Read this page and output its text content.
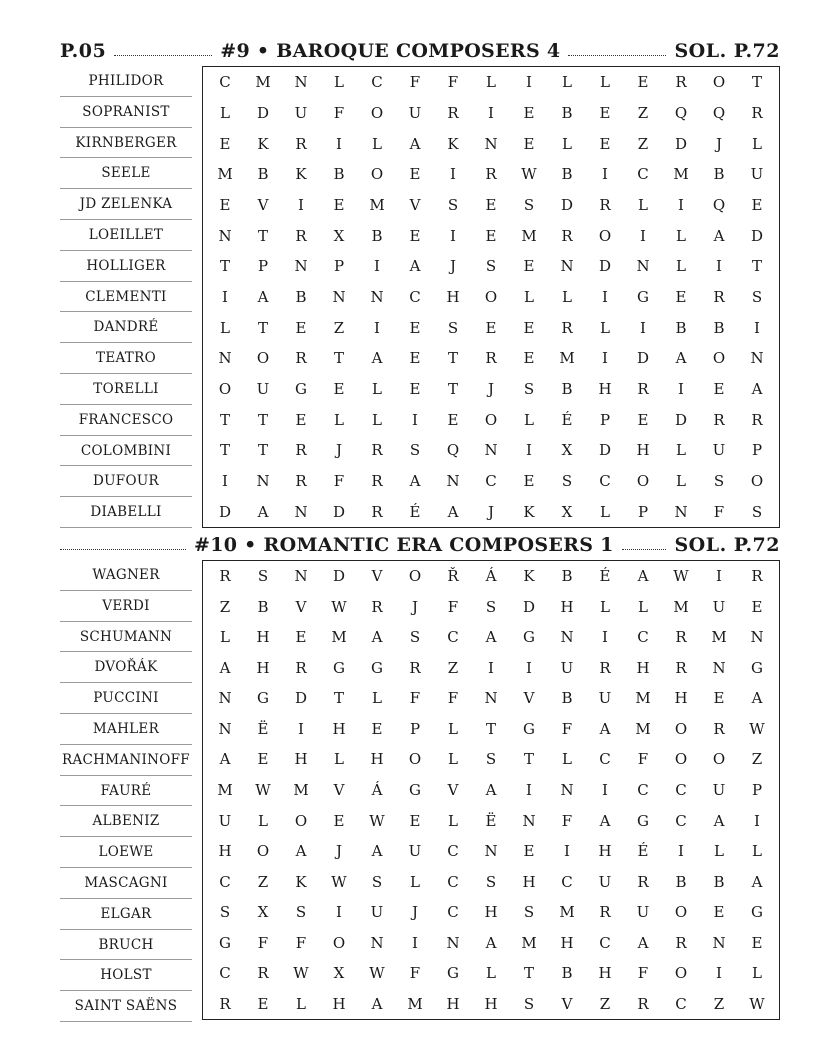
P.05	#9 • BAROQUE COMPOSERS 4	SOL. P.72
PHILIDOR
SOPRANIST
KIRNBERGER
SEELE
JD ZELENKA
LOEILLET
HOLLIGER
CLEMENTI
DANDRÉ
TEATRO
TORELLI
FRANCESCO
COLOMBINI
DUFOUR
DIABELLI
C	M	N	L	C	F	F	L	I	L	L	E	R	O	T
L	D	U	F	O	U	R	I	E	B	E	Z	Q	Q	R
E	K	R	I	L	A	K	N	E	L	E	Z	D	J	L
M	B	K	B	O	E	I	R	W	B	I	C	M	B	U
E	V	I	E	M	V	S	E	S	D	R	L	I	Q	E
N	T	R	X	B	E	I	E	M	R	O	I	L	A	D
T	P	N	P	I	A	J	S	E	N	D	N	L	I	T
I	A	B	N	N	C	H	O	L	L	I	G	E	R	S
L	T	E	Z	I	E	S	E	E	R	L	I	B	B	I
N	O	R	T	A	E	T	R	E	M	I	D	A	O	N
O	U	G	E	L	E	T	J	S	B	H	R	I	E	A
T	T	E	L	L	I	E	O	L	É	P	E	D	R	R
T	T	R	J	R	S	Q	N	I	X	D	H	L	U	P
I	N	R	F	R	A	N	C	E	S	C	O	L	S	O
D	A	N	D	R	É	A	J	K	X	L	P	N	F	S
#10 • ROMANTIC ERA COMPOSERS 1	SOL. P.72
WAGNER
VERDI
SCHUMANN
DVOŘÁK
PUCCINI
MAHLER
RACHMANINOFF
FAURÉ
ALBENIZ
LOEWE
MASCAGNI
ELGAR
BRUCH
HOLST
SAINT SAËNS
R	S	N	D	V	O	Ř	Á	K	B	É	A	W	I	R
Z	B	V	W	R	J	F	S	D	H	L	L	M	U	E
L	H	E	M	A	S	C	A	G	N	I	C	R	M	N
A	H	R	G	G	R	Z	I	I	U	R	H	R	N	G
N	G	D	T	L	F	F	N	V	B	U	M	H	E	A
N	Ë	I	H	E	P	L	T	G	F	A	M	O	R	W
A	E	H	L	H	O	L	S	T	L	C	F	O	O	Z
M	W	M	V	Á	G	V	A	I	N	I	C	C	U	P
U	L	O	E	W	E	L	Ë	N	F	A	G	C	A	I
H	O	A	J	A	U	C	N	E	I	H	É	I	L	L
C	Z	K	W	S	L	C	S	H	C	U	R	B	B	A
S	X	S	I	U	J	C	H	S	M	R	U	O	E	G
G	F	F	O	N	I	N	A	M	H	C	A	R	N	E
C	R	W	X	W	F	G	L	T	B	H	F	O	I	L
R	E	L	H	A	M	H	H	S	V	Z	R	C	Z	W
